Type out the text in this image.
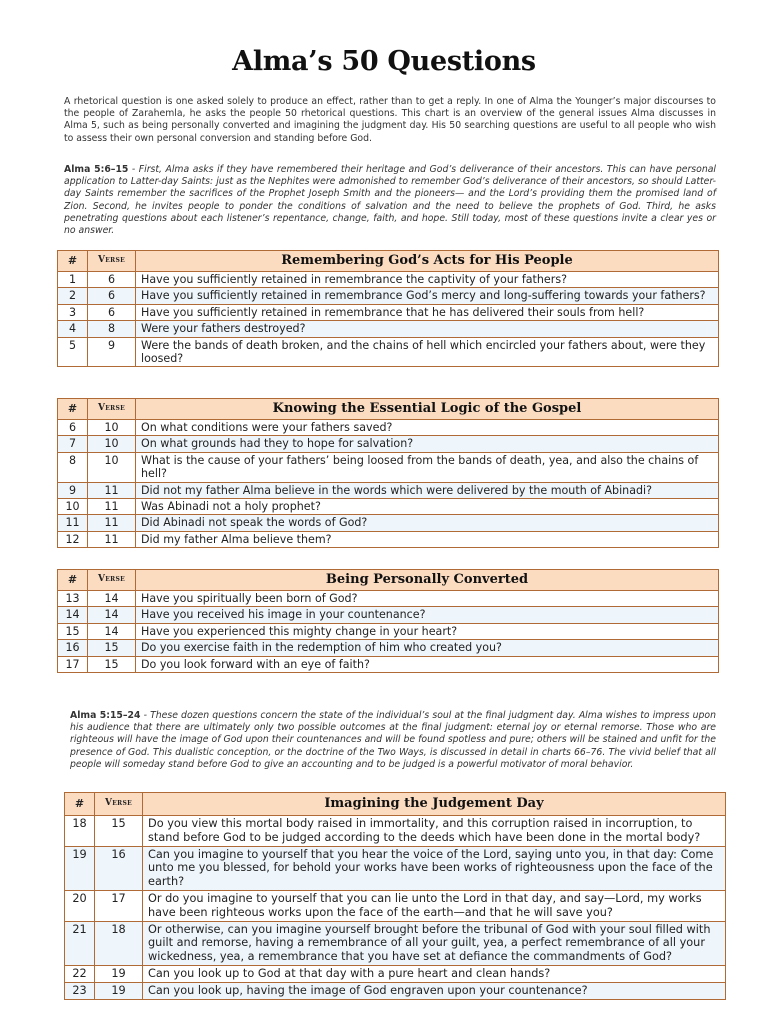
Alma’s 50 Questions
A rhetorical question is one asked solely to produce an effect, rather than to get a reply. In one of Alma the Younger’s major discourses to the people of Zarahemla, he asks the people 50 rhetorical questions. This chart is an overview of the general issues Alma discusses in Alma 5, such as being personally converted and imagining the judgment day. His 50 searching questions are useful to all people who wish to assess their own personal conversion and standing before God.
Alma 5:6–15 - First, Alma asks if they have remembered their heritage and God’s deliverance of their ancestors. This can have personal application to Latter-day Saints: just as the Nephites were admonished to remember God’s deliverance of their ancestors, so should Latter-day Saints remember the sacrifices of the Prophet Joseph Smith and the pioneers— and the Lord’s providing them the promised land of Zion. Second, he invites people to ponder the conditions of salvation and the need to believe the prophets of God. Third, he asks penetrating questions about each listener’s repentance, change, faith, and hope. Still today, most of these questions invite a clear yes or no answer.
#	Verse	Remembering God’s Acts for His People
1	6	Have you sufficiently retained in remembrance the captivity of your fathers?
2	6	Have you sufficiently retained in remembrance God’s mercy and long-suffering towards your fathers?
3	6	Have you sufficiently retained in remembrance that he has delivered their souls from hell?
4	8	Were your fathers destroyed?
5	9	Were the bands of death broken, and the chains of hell which encircled your fathers about, were they loosed?
#	Verse	Knowing the Essential Logic of the Gospel
6	10	On what conditions were your fathers saved?
7	10	On what grounds had they to hope for salvation?
8	10	What is the cause of your fathers’ being loosed from the bands of death, yea, and also the chains of hell?
9	11	Did not my father Alma believe in the words which were delivered by the mouth of Abinadi?
10	11	Was Abinadi not a holy prophet?
11	11	Did Abinadi not speak the words of God?
12	11	Did my father Alma believe them?
#	Verse	Being Personally Converted
13	14	Have you spiritually been born of God?
14	14	Have you received his image in your countenance?
15	14	Have you experienced this mighty change in your heart?
16	15	Do you exercise faith in the redemption of him who created you?
17	15	Do you look forward with an eye of faith?
Alma 5:15–24 - These dozen questions concern the state of the individual’s soul at the final judgment day. Alma wishes to impress upon his audience that there are ultimately only two possible outcomes at the final judgment: eternal joy or eternal remorse. Those who are righteous will have the image of God upon their countenances and will be found spotless and pure; others will be stained and unfit for the presence of God. This dualistic conception, or the doctrine of the Two Ways, is discussed in detail in charts 66–76. The vivid belief that all people will someday stand before God to give an accounting and to be judged is a powerful motivator of moral behavior.
#	Verse	Imagining the Judgement Day
18	15	Do you view this mortal body raised in immortality, and this corruption raised in incorruption, to stand before God to be judged according to the deeds which have been done in the mortal body?
19	16	Can you imagine to yourself that you hear the voice of the Lord, saying unto you, in that day: Come unto me you blessed, for behold your works have been works of righteousness upon the face of the earth?
20	17	Or do you imagine to yourself that you can lie unto the Lord in that day, and say—Lord, my works have been righteous works upon the face of the earth—and that he will save you?
21	18	Or otherwise, can you imagine yourself brought before the tribunal of God with your soul filled with guilt and remorse, having a remembrance of all your guilt, yea, a perfect remembrance of all your wickedness, yea, a remembrance that you have set at defiance the commandments of God?
22	19	Can you look up to God at that day with a pure heart and clean hands?
23	19	Can you look up, having the image of God engraven upon your countenance?
